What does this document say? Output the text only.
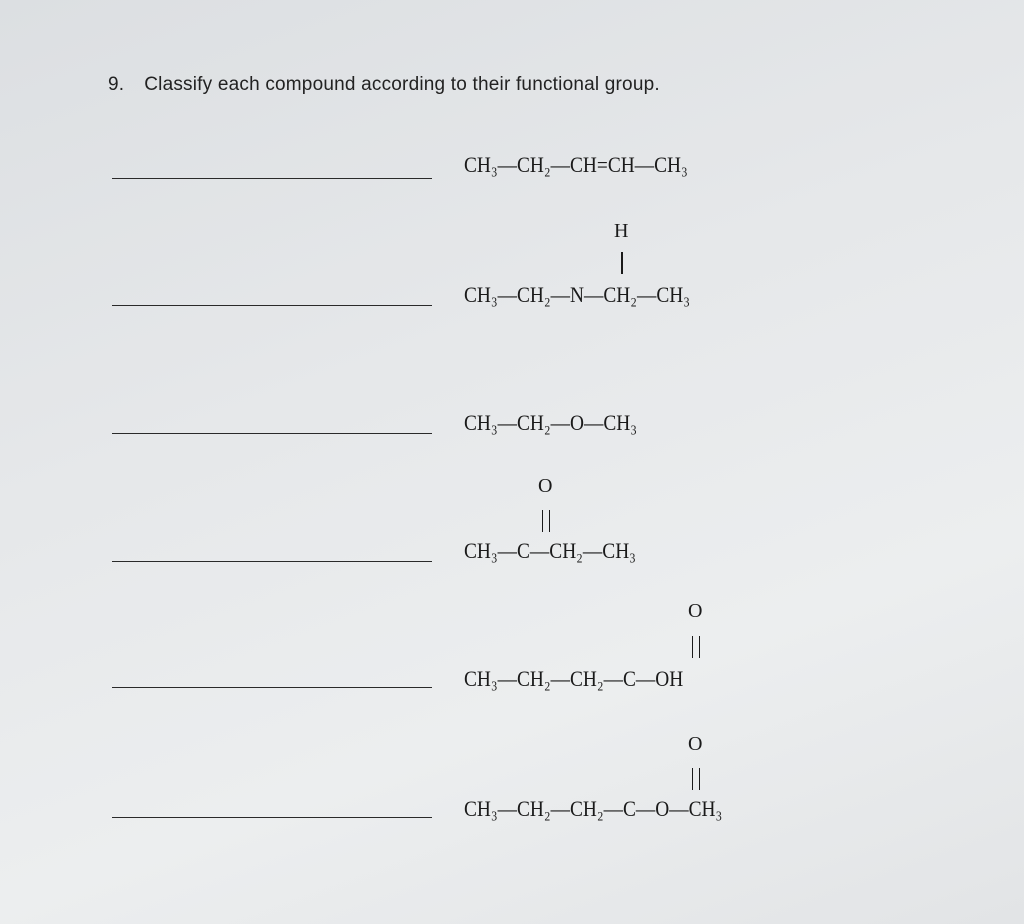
9. Classify each compound according to their functional group.
CH₃—CH₂—CH=CH—CH₃
H
CH₃—CH₂—N—CH₂—CH₃
CH₃—CH₂—O—CH₃
O
CH₃—C—CH₂—CH₃
O
CH₃—CH₂—CH₂—C—OH
O
CH₃—CH₂—CH₂—C—O—CH₃
